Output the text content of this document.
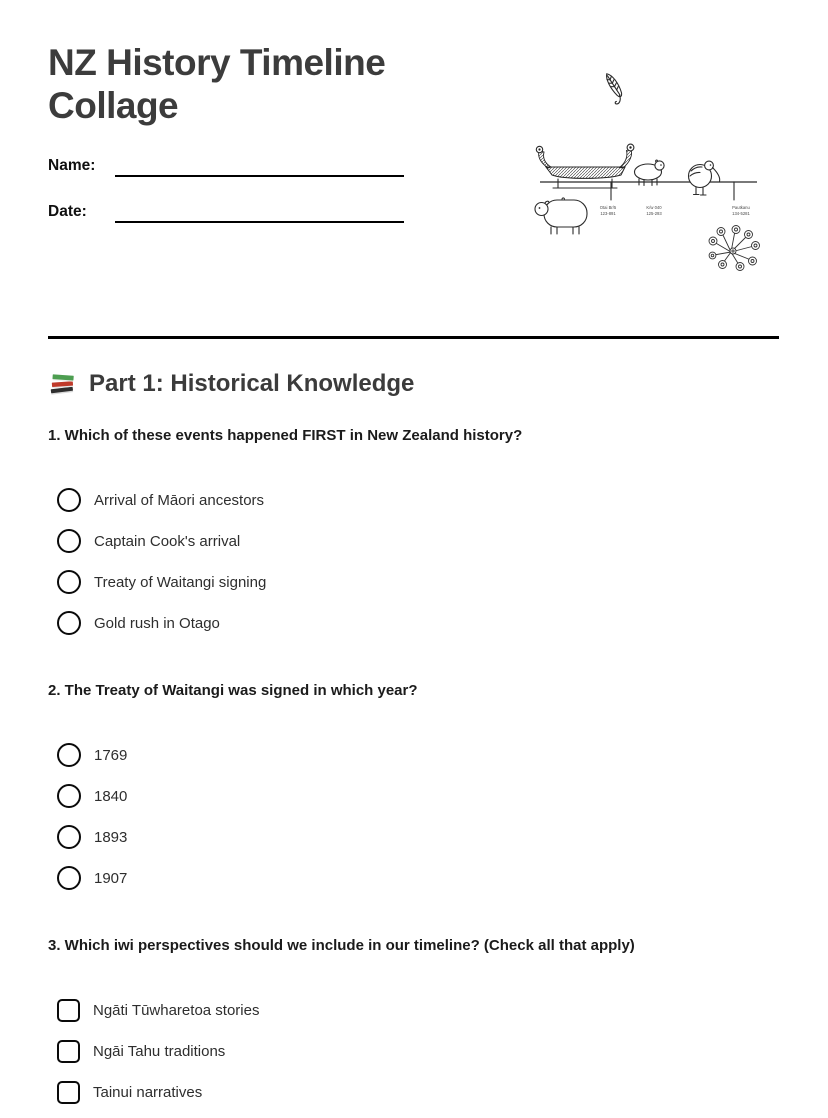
NZ History Timeline Collage
Name:
Date:	Otai Br/5
123-891
K/w 040
125-293
Pautkanu
134-5281
Part 1: Historical Knowledge
1. Which of these events happened FIRST in New Zealand history?
Arrival of Māori ancestors
Captain Cook's arrival
Treaty of Waitangi signing
Gold rush in Otago
2. The Treaty of Waitangi was signed in which year?
1769
1840
1893
1907
3. Which iwi perspectives should we include in our timeline? (Check all that apply)
Ngāti Tūwharetoa stories
Ngāi Tahu traditions
Tainui narratives
